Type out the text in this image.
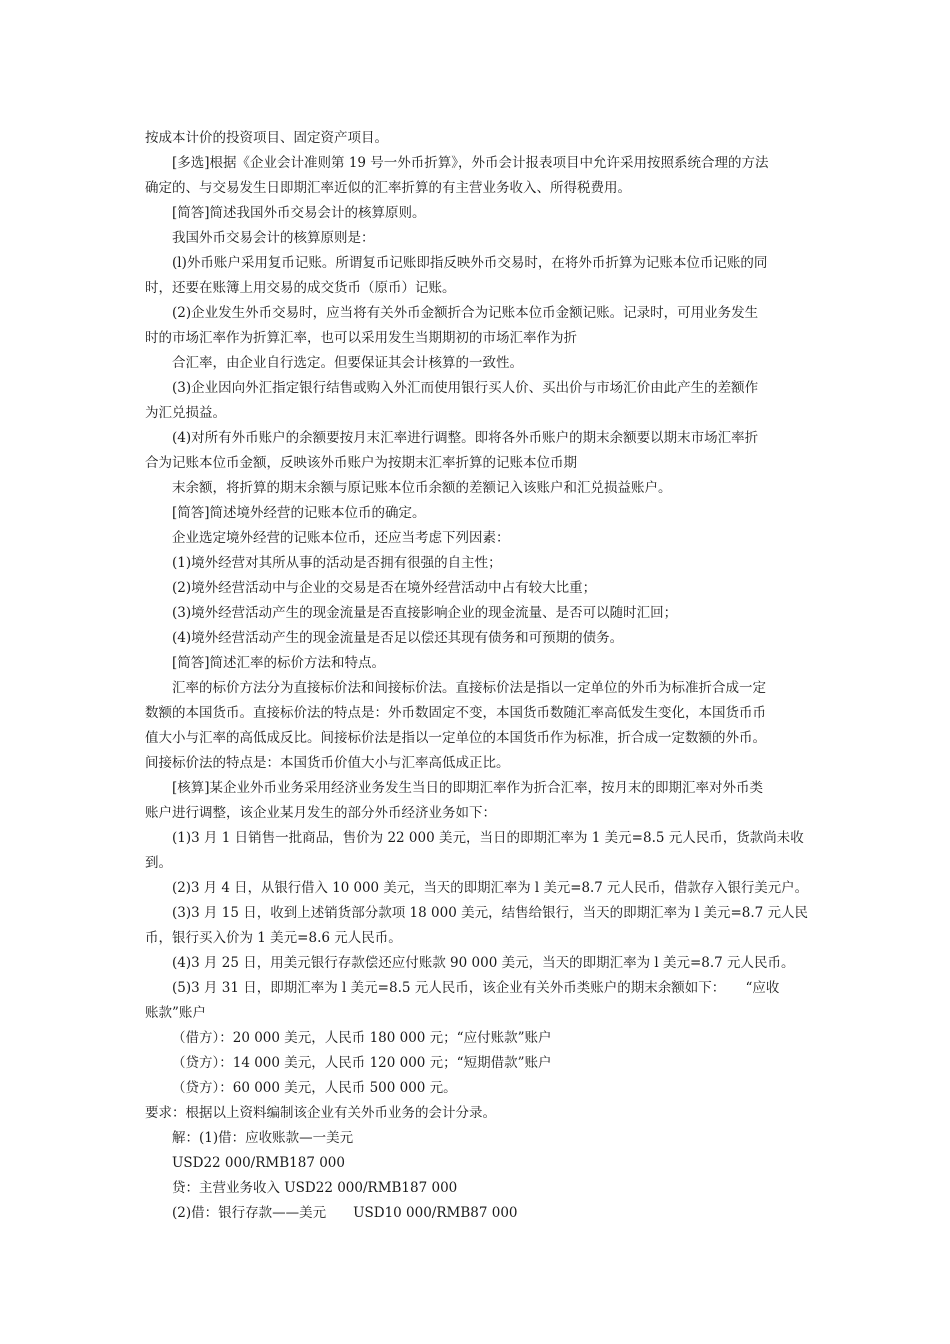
按成本计价的投资项目、固定资产项目。
[多选]根据《企业会计准则第 19 号一外币折算》，外币会计报表项目中允许采用按照系统合理的方法
确定的、与交易发生日即期汇率近似的汇率折算的有主营业务收入、所得税费用。
[简答]简述我国外币交易会计的核算原则。
我国外币交易会计的核算原则是：
(l)外币账户采用复币记账。所谓复币记账即指反映外币交易时，在将外币折算为记账本位币记账的同
时，还要在账簿上用交易的成交货币（原币）记账。
(2)企业发生外币交易时，应当将有关外币金额折合为记账本位币金额记账。记录时，可用业务发生
时的市场汇率作为折算汇率，也可以采用发生当期期初的市场汇率作为折
合汇率，由企业自行选定。但要保证其会计核算的一致性。
(3)企业因向外汇指定银行结售或购入外汇而使用银行买人价、买出价与市场汇价由此产生的差额作
为汇兑损益。
(4)对所有外币账户的余额要按月末汇率进行调整。即将各外币账户的期末余额要以期末市场汇率折
合为记账本位币金额，反映该外币账户为按期末汇率折算的记账本位币期
末余额，将折算的期末余额与原记账本位币余额的差额记入该账户和汇兑损益账户。
[简答]简述境外经营的记账本位币的确定。
企业选定境外经营的记账本位币，还应当考虑下列因素：
(1)境外经营对其所从事的活动是否拥有很强的自主性；
(2)境外经营活动中与企业的交易是否在境外经营活动中占有较大比重；
(3)境外经营活动产生的现金流量是否直接影响企业的现金流量、是否可以随时汇回；
(4)境外经营活动产生的现金流量是否足以偿还其现有债务和可预期的债务。
[简答]简述汇率的标价方法和特点。
汇率的标价方法分为直接标价法和间接标价法。直接标价法是指以一定单位的外币为标准折合成一定
数额的本国货币。直接标价法的特点是：外币数固定不变，本国货币数随汇率高低发生变化，本国货币币
值大小与汇率的高低成反比。间接标价法是指以一定单位的本国货币作为标准，折合成一定数额的外币。
间接标价法的特点是：本国货币价值大小与汇率高低成正比。
[核算]某企业外币业务采用经济业务发生当日的即期汇率作为折合汇率，按月末的即期汇率对外币类
账户进行调整，该企业某月发生的部分外币经济业务如下：
(1)3 月 1 日销售一批商品，售价为 22 000 美元，当日的即期汇率为 1 美元=8.5 元人民币，货款尚未收
到。
(2)3 月 4 日，从银行借入 10 000 美元，当天的即期汇率为 l 美元=8.7 元人民币，借款存入银行美元户。
(3)3 月 15 日，收到上述销货部分款项 18 000 美元，结售给银行，当天的即期汇率为 l 美元=8.7 元人民
币，银行买入价为 1 美元=8.6 元人民币。
(4)3 月 25 日，用美元银行存款偿还应付账款 90 000 美元，当天的即期汇率为 l 美元=8.7 元人民币。
(5)3 月 31 日，即期汇率为 l 美元=8.5 元人民币，该企业有关外币类账户的期末余额如下：　　“应收
账款”账户
（借方）：20 000 美元，人民币 180 000 元；“应付账款”账户
（贷方）：14 000 美元，人民币 120 000 元；“短期借款”账户
（贷方）：60 000 美元，人民币 500 000 元。
要求：根据以上资料编制该企业有关外币业务的会计分录。
解：(1)借：应收账款—一美元
USD22 000/RMB187 000
贷：主营业务收入 USD22 000/RMB187 000
(2)借：银行存款——美元　　USD10 000/RMB87 000
